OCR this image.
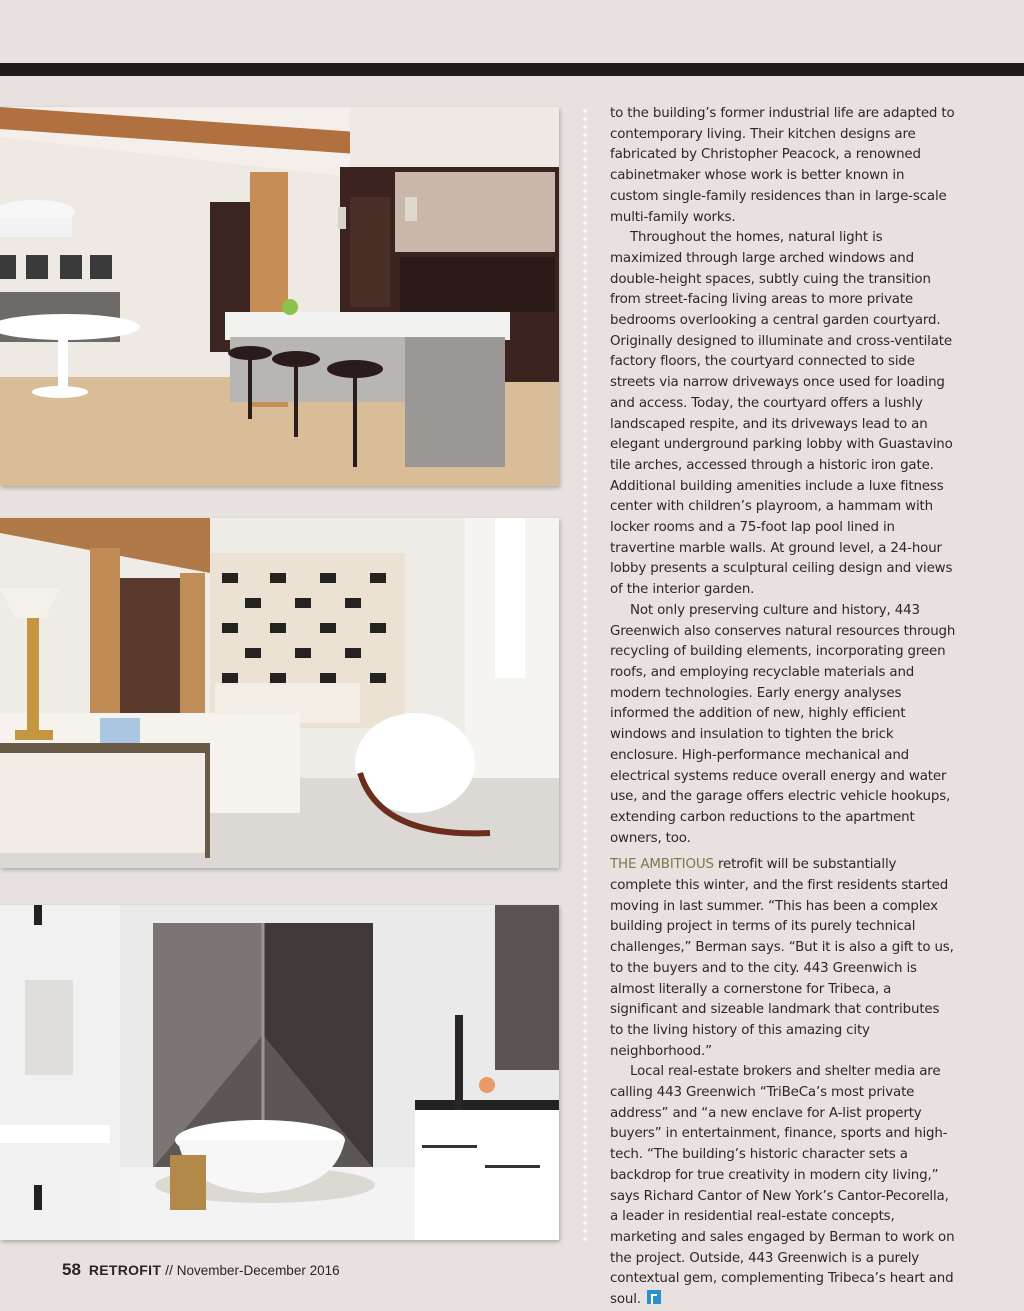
to the building’s former industrial life are adapted to contemporary living. Their kitchen designs are fabricated by Christopher Peacock, a renowned cabinetmaker whose work is better known in custom single-family residences than in large-scale multi-family works.

Throughout the homes, natural light is maximized through large arched windows and double-height spaces, subtly cuing the transition from street-facing living areas to more private bedrooms overlooking a central garden courtyard. Originally designed to illuminate and cross-ventilate factory floors, the courtyard connected to side streets via narrow driveways once used for loading and access. Today, the courtyard offers a lushly landscaped respite, and its driveways lead to an elegant underground parking lobby with Guastavino tile arches, accessed through a historic iron gate. Additional building amenities include a luxe fitness center with children’s playroom, a hammam with locker rooms and a 75-foot lap pool lined in travertine marble walls. At ground level, a 24-hour lobby presents a sculptural ceiling design and views of the interior garden.

Not only preserving culture and history, 443 Greenwich also conserves natural resources through recycling of building elements, incorporating green roofs, and employing recyclable materials and modern technologies. Early energy analyses informed the addition of new, highly efficient windows and insulation to tighten the brick enclosure. High-performance mechanical and electrical systems reduce overall energy and water use, and the garage offers electric vehicle hookups, extending carbon reductions to the apartment owners, too.

THE AMBITIOUS retrofit will be substantially complete this winter, and the first residents started moving in last summer. “This has been a complex building project in terms of its purely technical challenges,” Berman says. “But it is also a gift to us, to the buyers and to the city. 443 Greenwich is almost literally a cornerstone for Tribeca, a significant and sizeable landmark that contributes to the living history of this amazing city neighborhood.”

Local real-estate brokers and shelter media are calling 443 Greenwich “TriBeCa’s most private address” and “a new enclave for A-list property buyers” in entertainment, finance, sports and high-tech. “The building’s historic character sets a backdrop for true creativity in modern city living,” says Richard Cantor of New York’s Cantor-Pecorella, a leader in residential real-estate concepts, marketing and sales engaged by Berman to work on the project. Outside, 443 Greenwich is a purely contextual gem, complementing Tribeca’s heart and soul.

58 RETROFIT // November-December 2016
